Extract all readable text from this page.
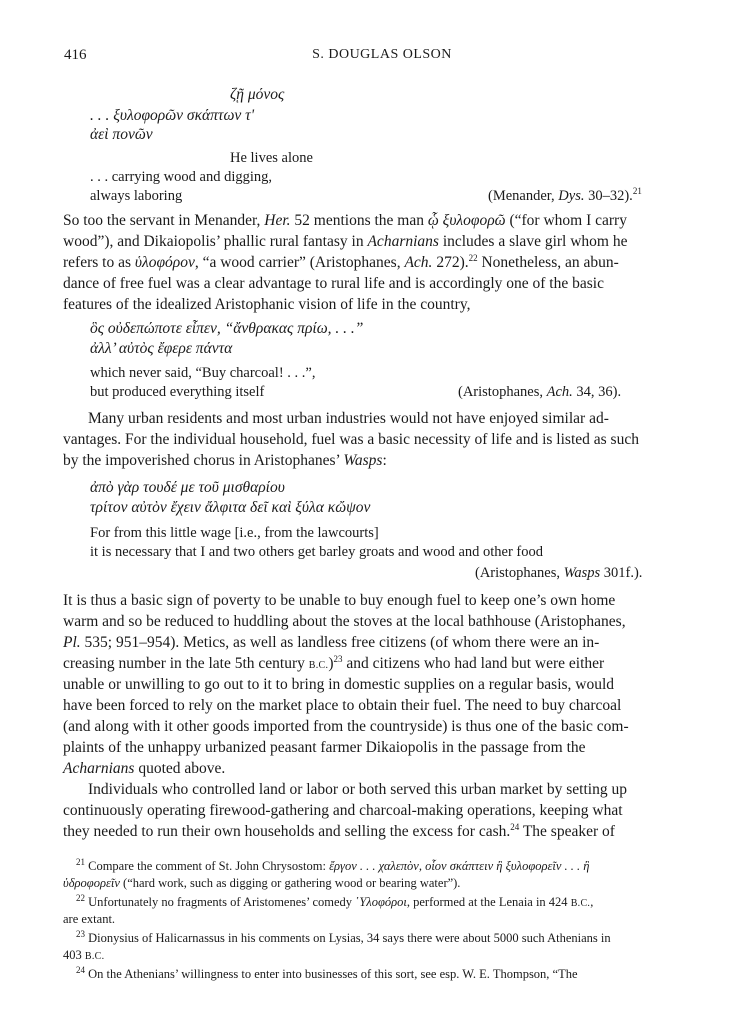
416	S. DOUGLAS OLSON
ζῇ μόνος
. . . ξυλοφορῶν σκάπτων τ'
ἀεὶ πονῶν
He lives alone
. . . carrying wood and digging,
always laboring	(Menander, Dys. 30–32).$^{21}$
So too the servant in Menander, Her. 52 mentions the man ᾧ ξυλοφορῶ (“for whom I carry
wood”), and Dikaiopolis’ phallic rural fantasy in Acharnians includes a slave girl whom he
refers to as ὑλοφόρον, “a wood carrier” (Aristophanes, Ach. 272).$^{22}$ Nonetheless, an abun-
dance of free fuel was a clear advantage to rural life and is accordingly one of the basic
features of the idealized Aristophanic vision of life in the country,
ὃς οὐδεπώποτε εἶπεν, “ἄνθρακας πρίω, . . .”
ἀλλ’ αὐτὸς ἔφερε πάντα
which never said, “Buy charcoal! . . .”,
but produced everything itself	(Aristophanes, Ach. 34, 36).
Many urban residents and most urban industries would not have enjoyed similar ad-
vantages. For the individual household, fuel was a basic necessity of life and is listed as such
by the impoverished chorus in Aristophanes’ Wasps:
ἀπὸ γὰρ τουδέ με τοῦ μισθαρίου
τρίτον αὐτὸν ἔχειν ἄλφιτα δεῖ καὶ ξύλα κὤψον
For from this little wage [i.e., from the lawcourts]
it is necessary that I and two others get barley groats and wood and other food
(Aristophanes, Wasps 301f.).
It is thus a basic sign of poverty to be unable to buy enough fuel to keep one’s own home
warm and so be reduced to huddling about the stoves at the local bathhouse (Aristophanes,
Pl. 535; 951–954). Metics, as well as landless free citizens (of whom there were an in-
creasing number in the late 5th century B.C.)$^{23}$ and citizens who had land but were either
unable or unwilling to go out to it to bring in domestic supplies on a regular basis, would
have been forced to rely on the market place to obtain their fuel. The need to buy charcoal
(and along with it other goods imported from the countryside) is thus one of the basic com-
plaints of the unhappy urbanized peasant farmer Dikaiopolis in the passage from the
Acharnians quoted above.
Individuals who controlled land or labor or both served this urban market by setting up
continuously operating firewood-gathering and charcoal-making operations, keeping what
they needed to run their own households and selling the excess for cash.$^{24}$ The speaker of
$^{21}$ Compare the comment of St. John Chrysostom: ἔργον . . . χαλεπὸν, οἷον σκάπτειν ἢ ξυλοφορεῖν . . . ἢ
ὑδροφορεῖν (“hard work, such as digging or gathering wood or bearing water”).
$^{22}$ Unfortunately no fragments of Aristomenes’ comedy ῾Υλοφόροι, performed at the Lenaia in 424 B.C.,
are extant.
$^{23}$ Dionysius of Halicarnassus in his comments on Lysias, 34 says there were about 5000 such Athenians in
403 B.C.
$^{24}$ On the Athenians’ willingness to enter into businesses of this sort, see esp. W. E. Thompson, “The
